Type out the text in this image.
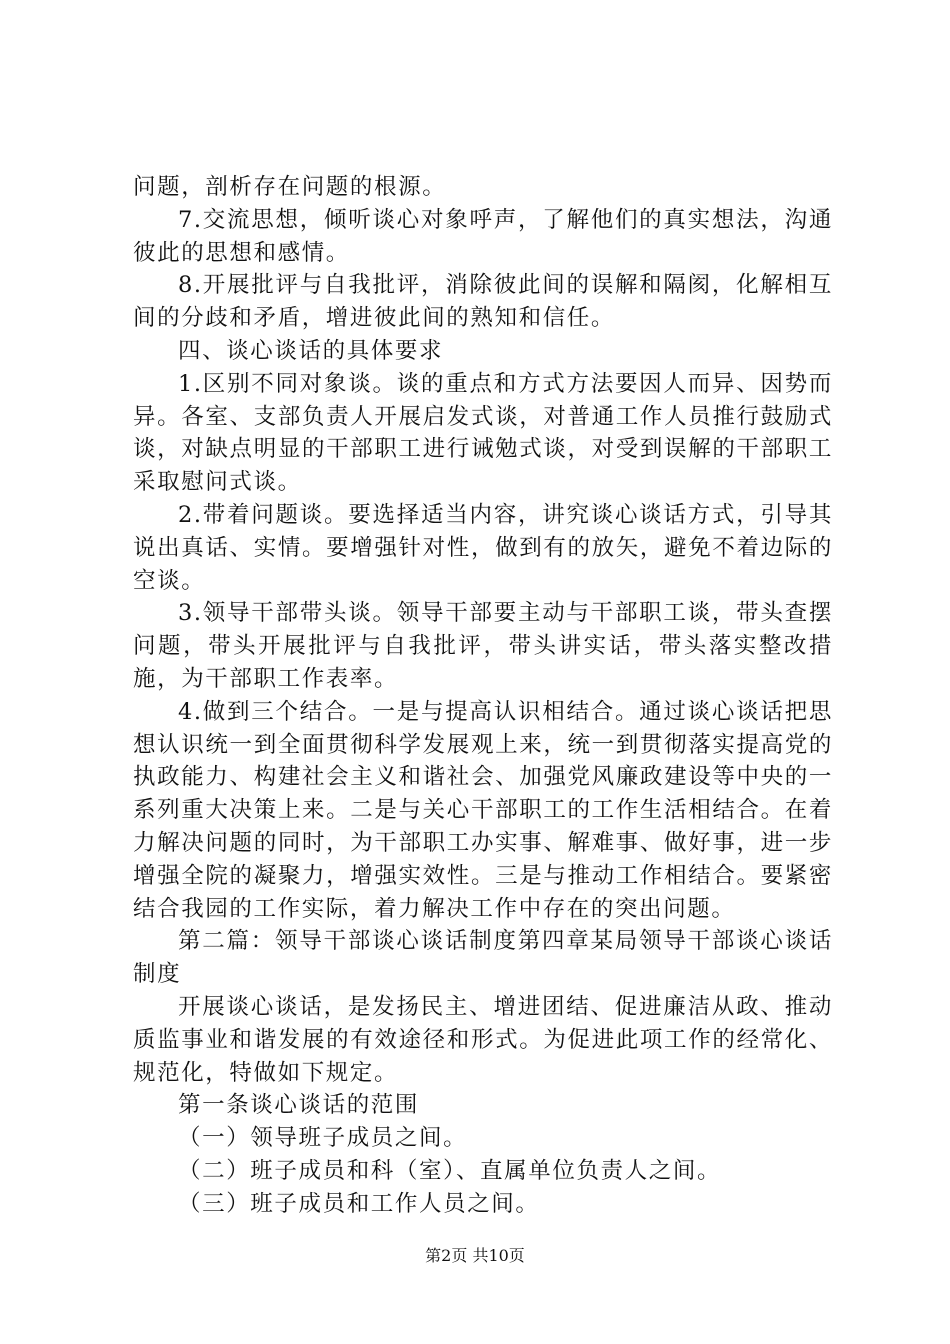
问题，剖析存在问题的根源。

7.交流思想，倾听谈心对象呼声，了解他们的真实想法，沟通彼此的思想和感情。

8.开展批评与自我批评，消除彼此间的误解和隔阂，化解相互间的分歧和矛盾，增进彼此间的熟知和信任。

四、谈心谈话的具体要求

1.区别不同对象谈。谈的重点和方式方法要因人而异、因势而异。各室、支部负责人开展启发式谈，对普通工作人员推行鼓励式谈，对缺点明显的干部职工进行诫勉式谈，对受到误解的干部职工采取慰问式谈。

2.带着问题谈。要选择适当内容，讲究谈心谈话方式，引导其说出真话、实情。要增强针对性，做到有的放矢，避免不着边际的空谈。

3.领导干部带头谈。领导干部要主动与干部职工谈，带头查摆问题，带头开展批评与自我批评，带头讲实话，带头落实整改措施，为干部职工作表率。

4.做到三个结合。一是与提高认识相结合。通过谈心谈话把思想认识统一到全面贯彻科学发展观上来，统一到贯彻落实提高党的执政能力、构建社会主义和谐社会、加强党风廉政建设等中央的一系列重大决策上来。二是与关心干部职工的工作生活相结合。在着力解决问题的同时，为干部职工办实事、解难事、做好事，进一步增强全院的凝聚力，增强实效性。三是与推动工作相结合。要紧密结合我园的工作实际，着力解决工作中存在的突出问题。

第二篇：领导干部谈心谈话制度第四章某局领导干部谈心谈话制度

开展谈心谈话，是发扬民主、增进团结、促进廉洁从政、推动质监事业和谐发展的有效途径和形式。为促进此项工作的经常化、规范化，特做如下规定。

第一条谈心谈话的范围

（一）领导班子成员之间。

（二）班子成员和科（室）、直属单位负责人之间。

（三）班子成员和工作人员之间。

第2页 共10页
